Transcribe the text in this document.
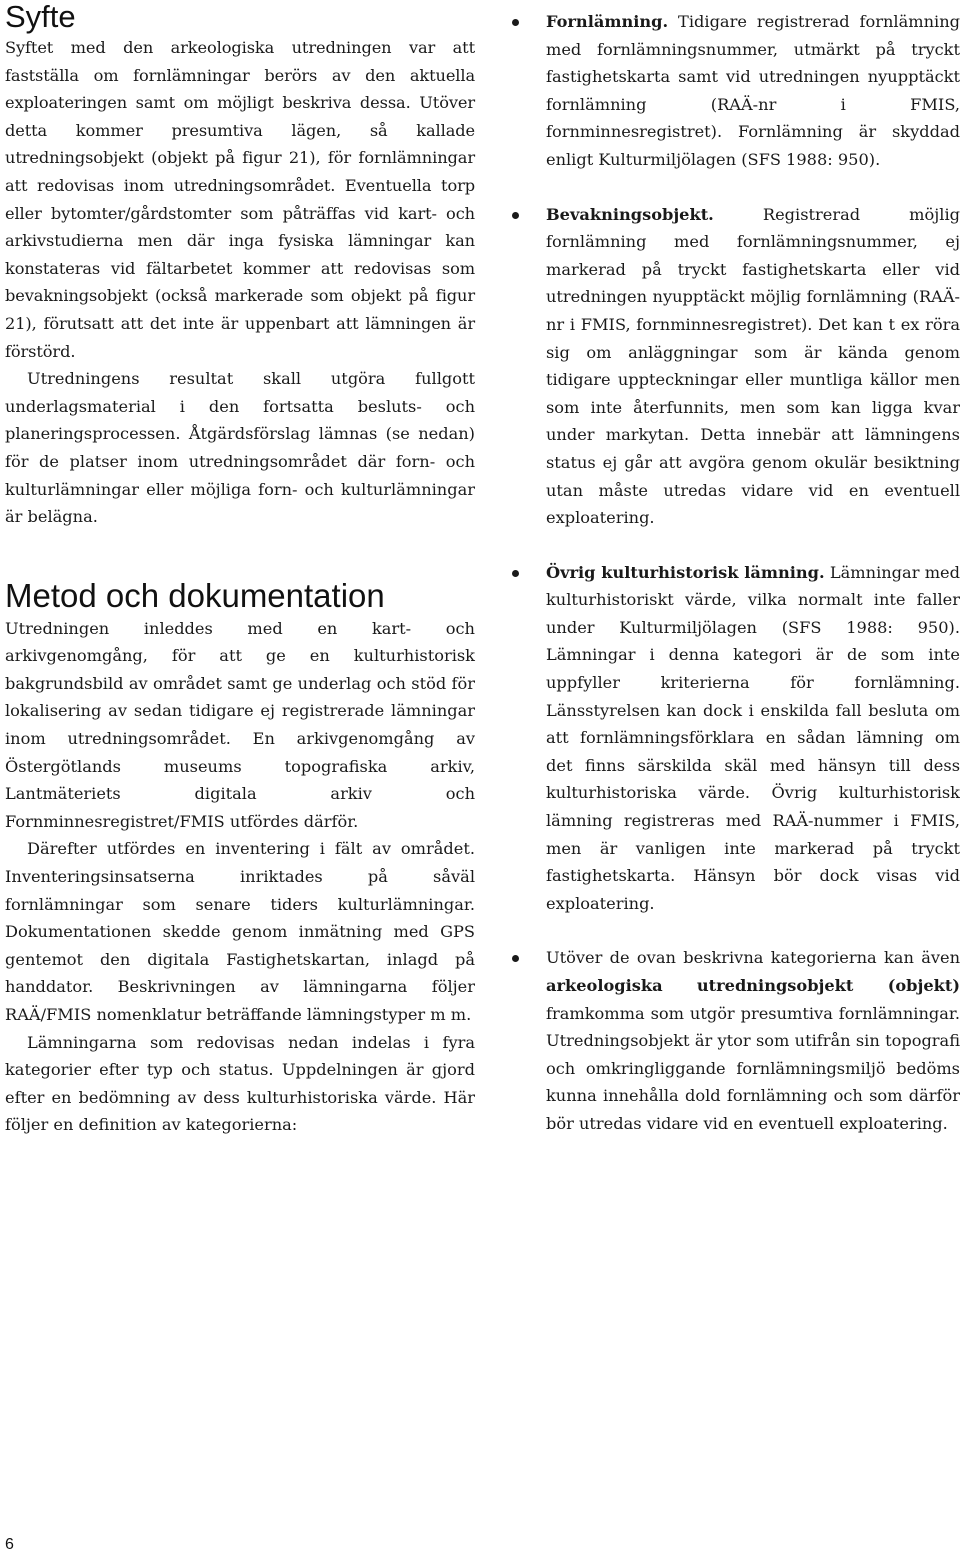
Syfte

Syftet med den arkeologiska utredningen var att fastställa om fornlämningar berörs av den aktuella exploateringen samt om möjligt beskriva dessa. Utöver detta kommer presumtiva lägen, så kallade utredningsobjekt (objekt på figur 21), för fornlämningar att redovisas inom utredningsområdet. Eventuella torp eller bytomter/gårdstomter som påträffas vid kart- och arkivstudierna men där inga fysiska lämningar kan konstateras vid fältarbetet kommer att redovisas som bevakningsobjekt (också markerade som objekt på figur 21), förutsatt att det inte är uppenbart att lämningen är förstörd.

Utredningens resultat skall utgöra fullgott underlagsmaterial i den fortsatta besluts- och planeringsprocessen. Åtgärdsförslag lämnas (se nedan) för de platser inom utredningsområdet där forn- och kulturlämningar eller möjliga forn- och kulturlämningar är belägna.

Metod och dokumentation

Utredningen inleddes med en kart- och arkivgenomgång, för att ge en kulturhistorisk bakgrundsbild av området samt ge underlag och stöd för lokalisering av sedan tidigare ej registrerade lämningar inom utredningsområdet. En arkivgenomgång av Östergötlands museums topografiska arkiv, Lantmäteriets digitala arkiv och Fornminnesregistret/FMIS utfördes därför.

Därefter utfördes en inventering i fält av området. Inventeringsinsatserna inriktades på såväl fornlämningar som senare tiders kulturlämningar. Dokumentationen skedde genom inmätning med GPS gentemot den digitala Fastighetskartan, inlagd på handdator. Beskrivningen av lämningarna följer RAÄ/FMIS nomenklatur beträffande lämningstyper m m.

Lämningarna som redovisas nedan indelas i fyra kategorier efter typ och status. Uppdelningen är gjord efter en bedömning av dess kulturhistoriska värde. Här följer en definition av kategorierna:

Fornlämning. Tidigare registrerad fornlämning med fornlämningsnummer, utmärkt på tryckt fastighetskarta samt vid utredningen nyupptäckt fornlämning (RAÄ-nr i FMIS, fornminnesregistret). Fornlämning är skyddad enligt Kulturmiljölagen (SFS 1988: 950).
Bevakningsobjekt. Registrerad möjlig fornlämning med fornlämningsnummer, ej markerad på tryckt fastighetskarta eller vid utredningen nyupptäckt möjlig fornlämning (RAÄ-nr i FMIS, fornminnesregistret). Det kan t ex röra sig om anläggningar som är kända genom tidigare uppteckningar eller muntliga källor men som inte återfunnits, men som kan ligga kvar under markytan. Detta innebär att lämningens status ej går att avgöra genom okulär besiktning utan måste utredas vidare vid en eventuell exploatering.
Övrig kulturhistorisk lämning. Lämningar med kulturhistoriskt värde, vilka normalt inte faller under Kulturmiljölagen (SFS 1988: 950). Lämningar i denna kategori är de som inte uppfyller kriterierna för fornlämning. Länsstyrelsen kan dock i enskilda fall besluta om att fornlämningsförklara en sådan lämning om det finns särskilda skäl med hänsyn till dess kulturhistoriska värde. Övrig kulturhistorisk lämning registreras med RAÄ-nummer i FMIS, men är vanligen inte markerad på tryckt fastighetskarta. Hänsyn bör dock visas vid exploatering.
Utöver de ovan beskrivna kategorierna kan även arkeologiska utredningsobjekt (objekt) framkomma som utgör presumtiva fornlämningar. Utredningsobjekt är ytor som utifrån sin topografi och omkringliggande fornlämningsmiljö bedöms kunna innehålla dold fornlämning och som därför bör utredas vidare vid en eventuell exploatering.
6
